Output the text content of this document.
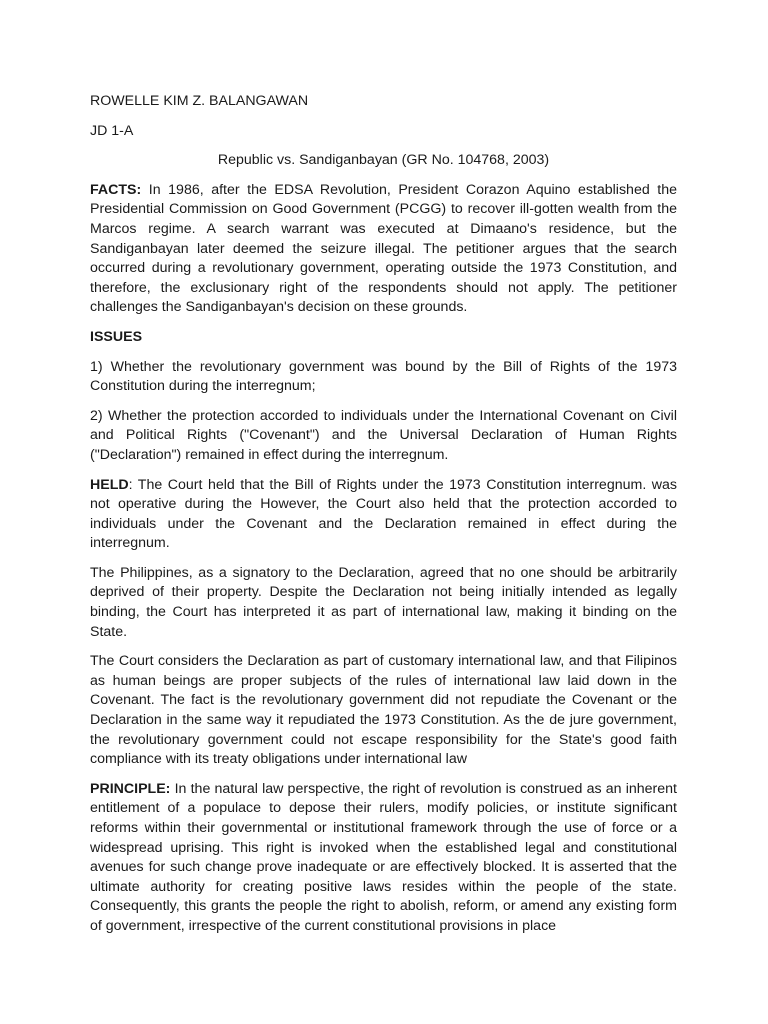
ROWELLE KIM Z. BALANGAWAN

JD 1-A

Republic vs. Sandiganbayan (GR No. 104768, 2003)

FACTS: In 1986, after the EDSA Revolution, President Corazon Aquino established the Presidential Commission on Good Government (PCGG) to recover ill-gotten wealth from the Marcos regime. A search warrant was executed at Dimaano's residence, but the Sandiganbayan later deemed the seizure illegal. The petitioner argues that the search occurred during a revolutionary government, operating outside the 1973 Constitution, and therefore, the exclusionary right of the respondents should not apply. The petitioner challenges the Sandiganbayan's decision on these grounds.

ISSUES

1) Whether the revolutionary government was bound by the Bill of Rights of the 1973 Constitution during the interregnum;

2) Whether the protection accorded to individuals under the International Covenant on Civil and Political Rights ("Covenant") and the Universal Declaration of Human Rights ("Declaration") remained in effect during the interregnum.

HELD: The Court held that the Bill of Rights under the 1973 Constitution interregnum. was not operative during the However, the Court also held that the protection accorded to individuals under the Covenant and the Declaration remained in effect during the interregnum.

The Philippines, as a signatory to the Declaration, agreed that no one should be arbitrarily deprived of their property. Despite the Declaration not being initially intended as legally binding, the Court has interpreted it as part of international law, making it binding on the State.

The Court considers the Declaration as part of customary international law, and that Filipinos as human beings are proper subjects of the rules of international law laid down in the Covenant. The fact is the revolutionary government did not repudiate the Covenant or the Declaration in the same way it repudiated the 1973 Constitution. As the de jure government, the revolutionary government could not escape responsibility for the State's good faith compliance with its treaty obligations under international law

PRINCIPLE: In the natural law perspective, the right of revolution is construed as an inherent entitlement of a populace to depose their rulers, modify policies, or institute significant reforms within their governmental or institutional framework through the use of force or a widespread uprising. This right is invoked when the established legal and constitutional avenues for such change prove inadequate or are effectively blocked. It is asserted that the ultimate authority for creating positive laws resides within the people of the state. Consequently, this grants the people the right to abolish, reform, or amend any existing form of government, irrespective of the current constitutional provisions in place
